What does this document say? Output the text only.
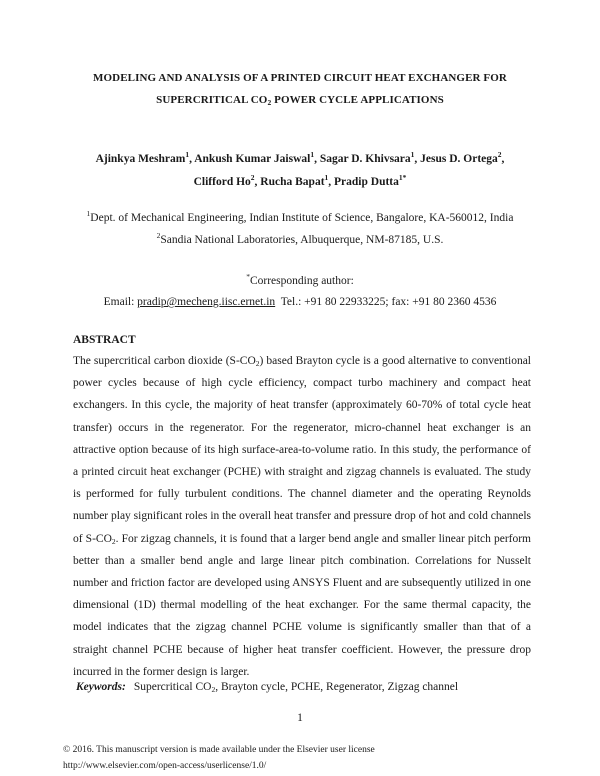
MODELING AND ANALYSIS OF A PRINTED CIRCUIT HEAT EXCHANGER FOR
SUPERCRITICAL $CO_2$ POWER CYCLE APPLICATIONS
Ajinkya Meshram$^1$, Ankush Kumar Jaiswal$^1$, Sagar D. Khivsara$^1$, Jesus D. Ortega$^2$,
Clifford Ho$^2$, Rucha Bapat$^1$, Pradip Dutta$^{1*}$
$^1$Dept. of Mechanical Engineering, Indian Institute of Science, Bangalore, KA-560012, India
$^2$Sandia National Laboratories, Albuquerque, NM-87185, U.S.
*Corresponding author:
Email: pradip@mecheng.iisc.ernet.in  Tel.: +91 80 22933225; fax: +91 80 2360 4536
ABSTRACT

The supercritical carbon dioxide $(S-CO_2)$ based Brayton cycle is a good alternative to conventional power cycles because of high cycle efficiency, compact turbo machinery and compact heat exchangers. In this cycle, the majority of heat transfer (approximately 60-70% of total cycle heat transfer) occurs in the regenerator. For the regenerator, micro-channel heat exchanger is an attractive option because of its high surface-area-to-volume ratio. In this study, the performance of a printed circuit heat exchanger (PCHE) with straight and zigzag channels is evaluated. The study is performed for fully turbulent conditions. The channel diameter and the operating Reynolds number play significant roles in the overall heat transfer and pressure drop of hot and cold channels of $S-CO_2$. For zigzag channels, it is found that a larger bend angle and smaller linear pitch perform better than a smaller bend angle and large linear pitch combination. Correlations for Nusselt number and friction factor are developed using ANSYS Fluent and are subsequently utilized in one dimensional (1D) thermal modelling of the heat exchanger. For the same thermal capacity, the model indicates that the zigzag channel PCHE volume is significantly smaller than that of a straight channel PCHE because of higher heat transfer coefficient. However, the pressure drop incurred in the former design is larger.

Keywords: Supercritical $CO_2$, Brayton cycle, PCHE, Regenerator, Zigzag channel
1
© 2016. This manuscript version is made available under the Elsevier user license
http://www.elsevier.com/open-access/userlicense/1.0/
